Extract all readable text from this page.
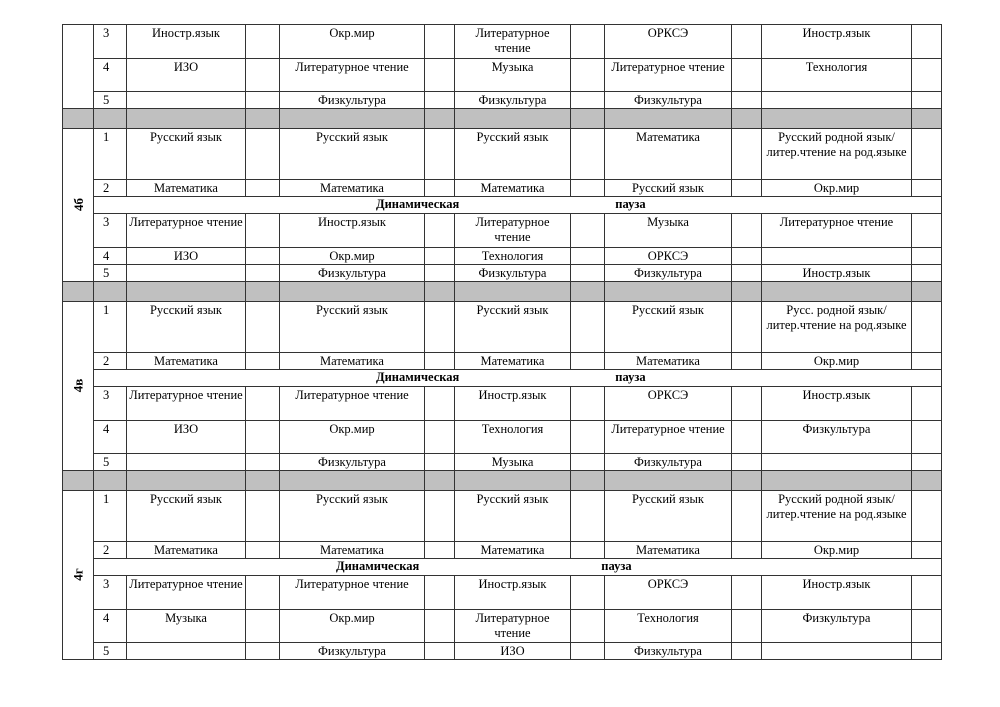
	3	Иностр.язык		Окр.мир		Литературное чтение		ОРКСЭ		Иностр.язык	
	4	ИЗО		Литературное чтение		Музыка		Литературное чтение		Технология	
	5			Физкультура		Физкультура		Физкультура			

4б	1	Русский язык		Русский язык		Русский язык		Математика		Русский родной язык/литер.чтение на род.языке	
	2	Математика		Математика		Математика		Русский язык		Окр.мир	
	Динамическая пауза										
	3	Литературное чтение		Иностр.язык		Литературное чтение		Музыка		Литературное чтение	
	4	ИЗО		Окр.мир		Технология		ОРКСЭ			
	5			Физкультура		Физкультура		Физкультура		Иностр.язык	

4в	1	Русский язык		Русский язык		Русский язык		Русский язык		Русс. родной язык/литер.чтение на род.языке	
	2	Математика		Математика		Математика		Математика		Окр.мир	
	Динамическая пауза										
	3	Литературное чтение		Литературное чтение		Иностр.язык		ОРКСЭ		Иностр.язык	
	4	ИЗО		Окр.мир		Технология		Литературное чтение		Физкультура	
	5			Физкультура		Музыка		Физкультура			

4г	1	Русский язык		Русский язык		Русский язык		Русский язык		Русский родной язык/литер.чтение на род.языке	
	2	Математика		Математика		Математика		Математика		Окр.мир	
	Динамическая пауза										
	3	Литературное чтение		Литературное чтение		Иностр.язык		ОРКСЭ		Иностр.язык	
	4	Музыка		Окр.мир		Литературное чтение		Технология		Физкультура	
	5			Физкультура		ИЗО		Физкультура			
